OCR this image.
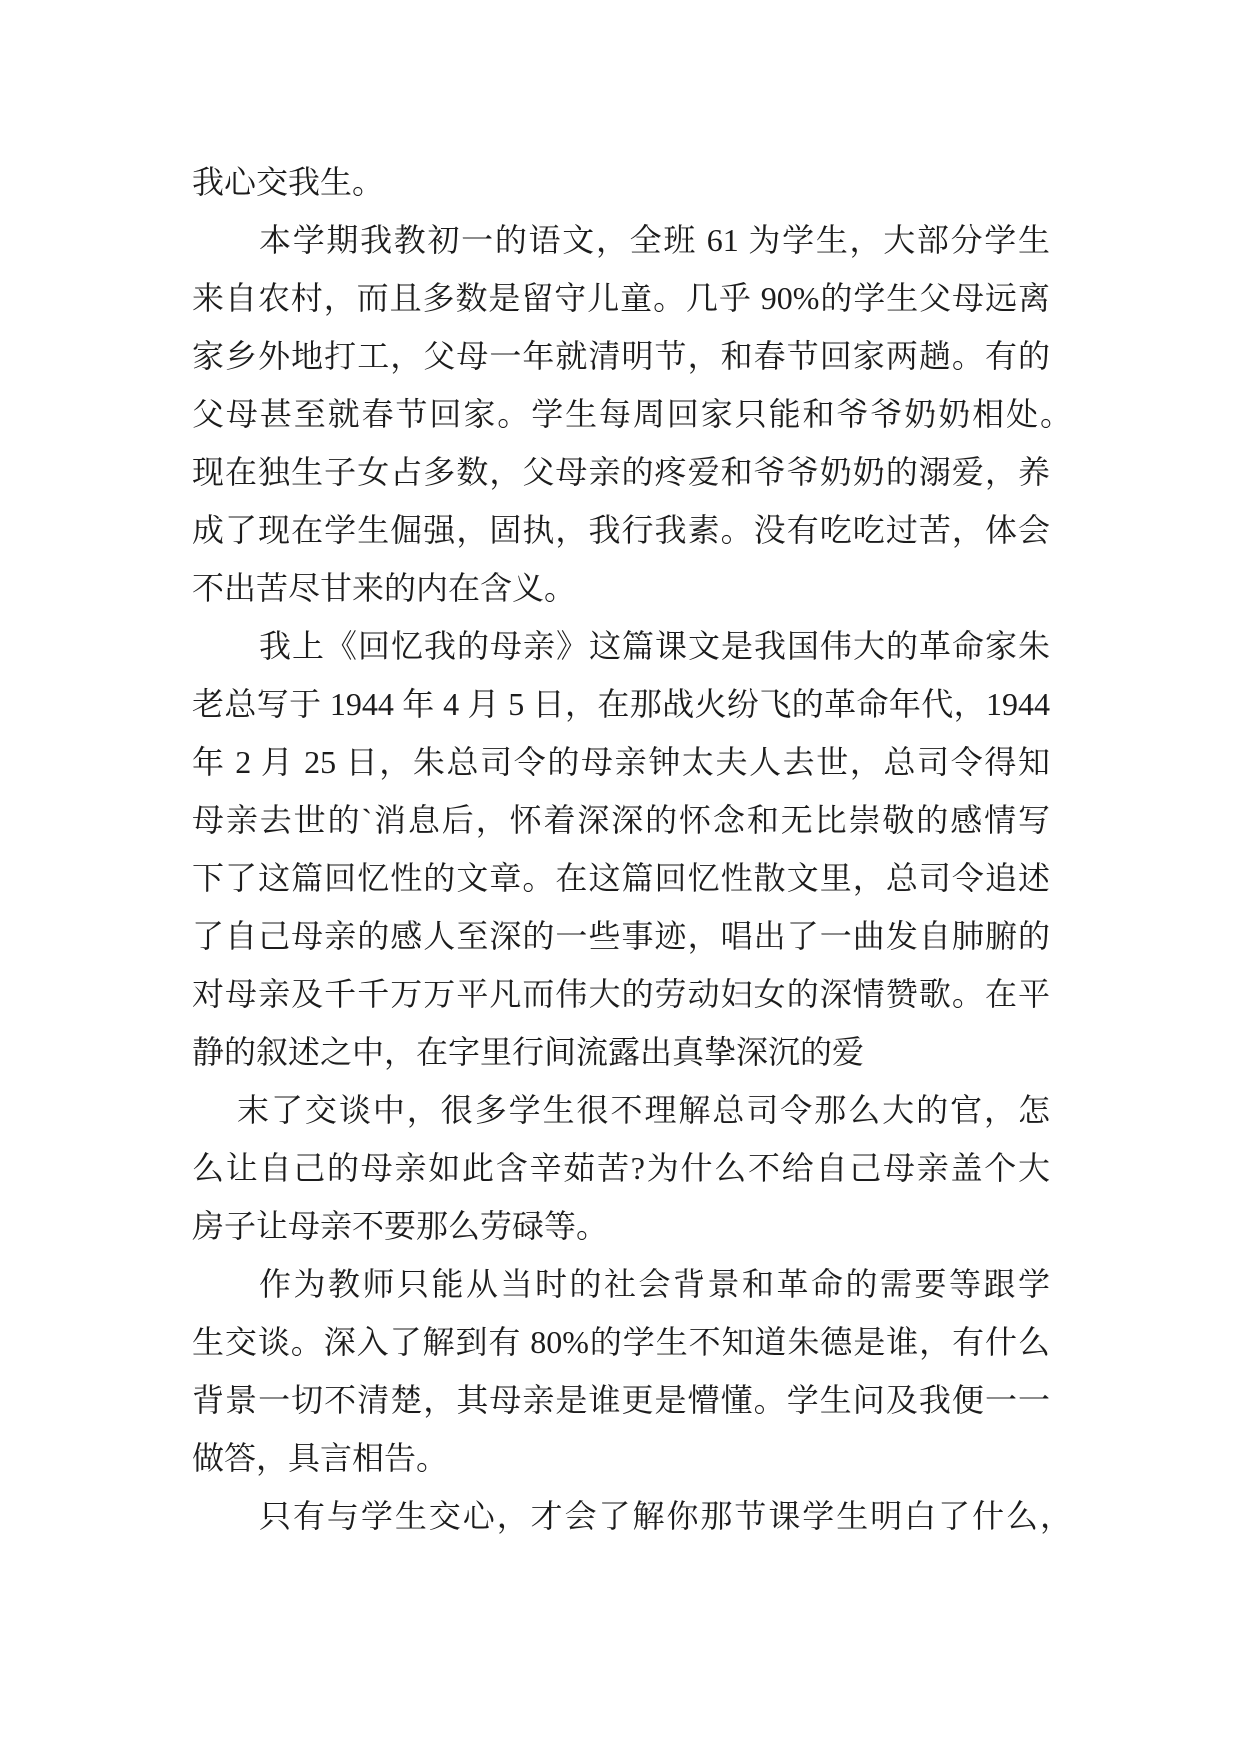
我心交我生。
本学期我教初一的语文，全班 61 为学生，大部分学生
来自农村，而且多数是留守儿童。几乎 90%的学生父母远离
家乡外地打工，父母一年就清明节，和春节回家两趟。有的
父母甚至就春节回家。学生每周回家只能和爷爷奶奶相处。
现在独生子女占多数，父母亲的疼爱和爷爷奶奶的溺爱，养
成了现在学生倔强，固执，我行我素。没有吃吃过苦，体会
不出苦尽甘来的内在含义。
我上《回忆我的母亲》这篇课文是我国伟大的革命家朱
老总写于 1944 年 4 月 5 日，在那战火纷飞的革命年代，1944
年 2 月 25 日，朱总司令的母亲钟太夫人去世，总司令得知
母亲去世的`消息后，怀着深深的怀念和无比崇敬的感情写
下了这篇回忆性的文章。在这篇回忆性散文里，总司令追述
了自己母亲的感人至深的一些事迹，唱出了一曲发自肺腑的
对母亲及千千万万平凡而伟大的劳动妇女的深情赞歌。在平
静的叙述之中，在字里行间流露出真挚深沉的爱
末了交谈中，很多学生很不理解总司令那么大的官，怎
么让自己的母亲如此含辛茹苦?为什么不给自己母亲盖个大
房子让母亲不要那么劳碌等。
作为教师只能从当时的社会背景和革命的需要等跟学
生交谈。深入了解到有 80%的学生不知道朱德是谁，有什么
背景一切不清楚，其母亲是谁更是懵懂。学生问及我便一一
做答，具言相告。
只有与学生交心，才会了解你那节课学生明白了什么，
